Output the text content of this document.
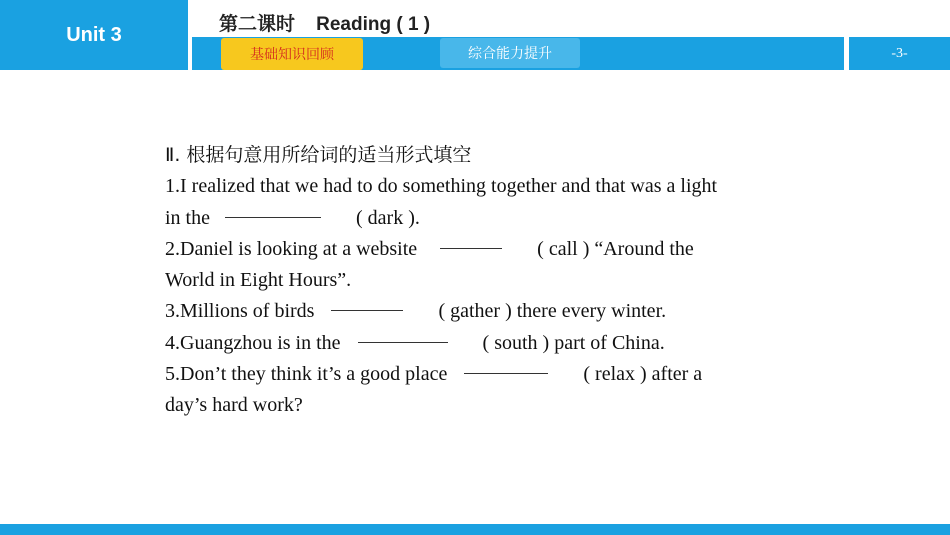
Unit 3	第二课时    Reading ( 1 )
基础知识回顾	综合能力提升	-3-
Ⅱ. 根据句意用所给词的适当形式填空
1.I realized that we had to do something together and that was a light
in the	( dark ).
2.Daniel is looking at a website	( call ) “Around the
World in Eight Hours”.
3.Millions of birds	( gather ) there every winter.
4.Guangzhou is in the	( south ) part of China.
5.Don’t they think it’s a good place	( relax ) after a
day’s hard work?
